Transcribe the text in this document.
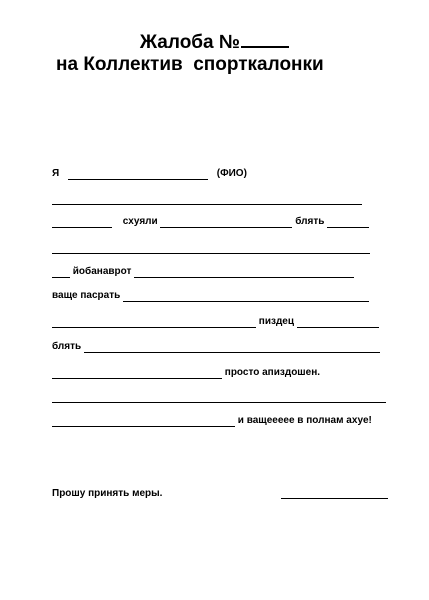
Жалоба №
на Коллектив  спорткалонки
Я	(ФИО)
схуяли	блять
йобанаврот
ваще пасрать
пиздец
блять
просто апиздошен.
и ващеееее в полнам ахуе!
Прошу принять меры.
